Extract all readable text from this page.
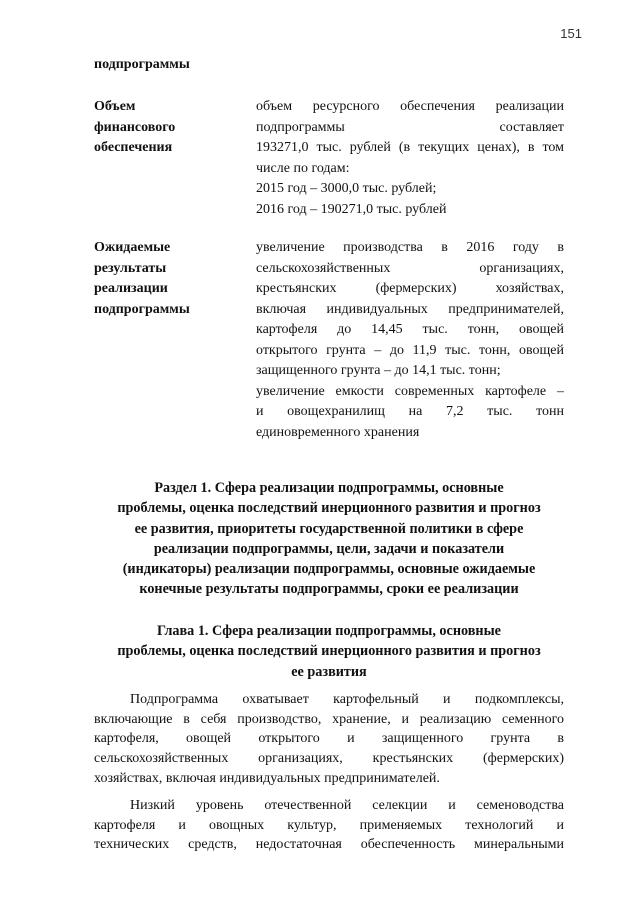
151
подпрограммы
Объем
финансового
обеспечения
объем ресурсного обеспечения реализации
подпрограммы составляет
193271,0 тыс. рублей (в текущих ценах), в том
числе по годам:
2015 год – 3000,0 тыс. рублей;
2016 год – 190271,0 тыс. рублей
Ожидаемые
результаты
реализации
подпрограммы
увеличение производства в 2016 году в
сельскохозяйственных организациях,
крестьянских (фермерских) хозяйствах,
включая индивидуальных предпринимателей,
картофеля до 14,45 тыс. тонн, овощей
открытого грунта – до 11,9 тыс. тонн, овощей
защищенного грунта – до 14,1 тыс. тонн;
увеличение емкости современных картофеле –
и овощехранилищ на 7,2 тыс. тонн
единовременного хранения
Раздел 1. Сфера реализации подпрограммы, основные
проблемы, оценка последствий инерционного развития и прогноз
ее развития, приоритеты государственной политики в сфере
реализации подпрограммы, цели, задачи и показатели
(индикаторы) реализации подпрограммы, основные ожидаемые
конечные результаты подпрограммы, сроки ее реализации
Глава 1. Сфера реализации подпрограммы, основные
проблемы, оценка последствий инерционного развития и прогноз
ее развития
Подпрограмма охватывает картофельный и подкомплексы,
включающие в себя производство, хранение, и реализацию семенного
картофеля, овощей открытого и защищенного грунта в
сельскохозяйственных организациях, крестьянских (фермерских)
хозяйствах, включая индивидуальных предпринимателей.
Низкий уровень отечественной селекции и семеноводства
картофеля и овощных культур, применяемых технологий и
технических средств, недостаточная обеспеченность минеральными
